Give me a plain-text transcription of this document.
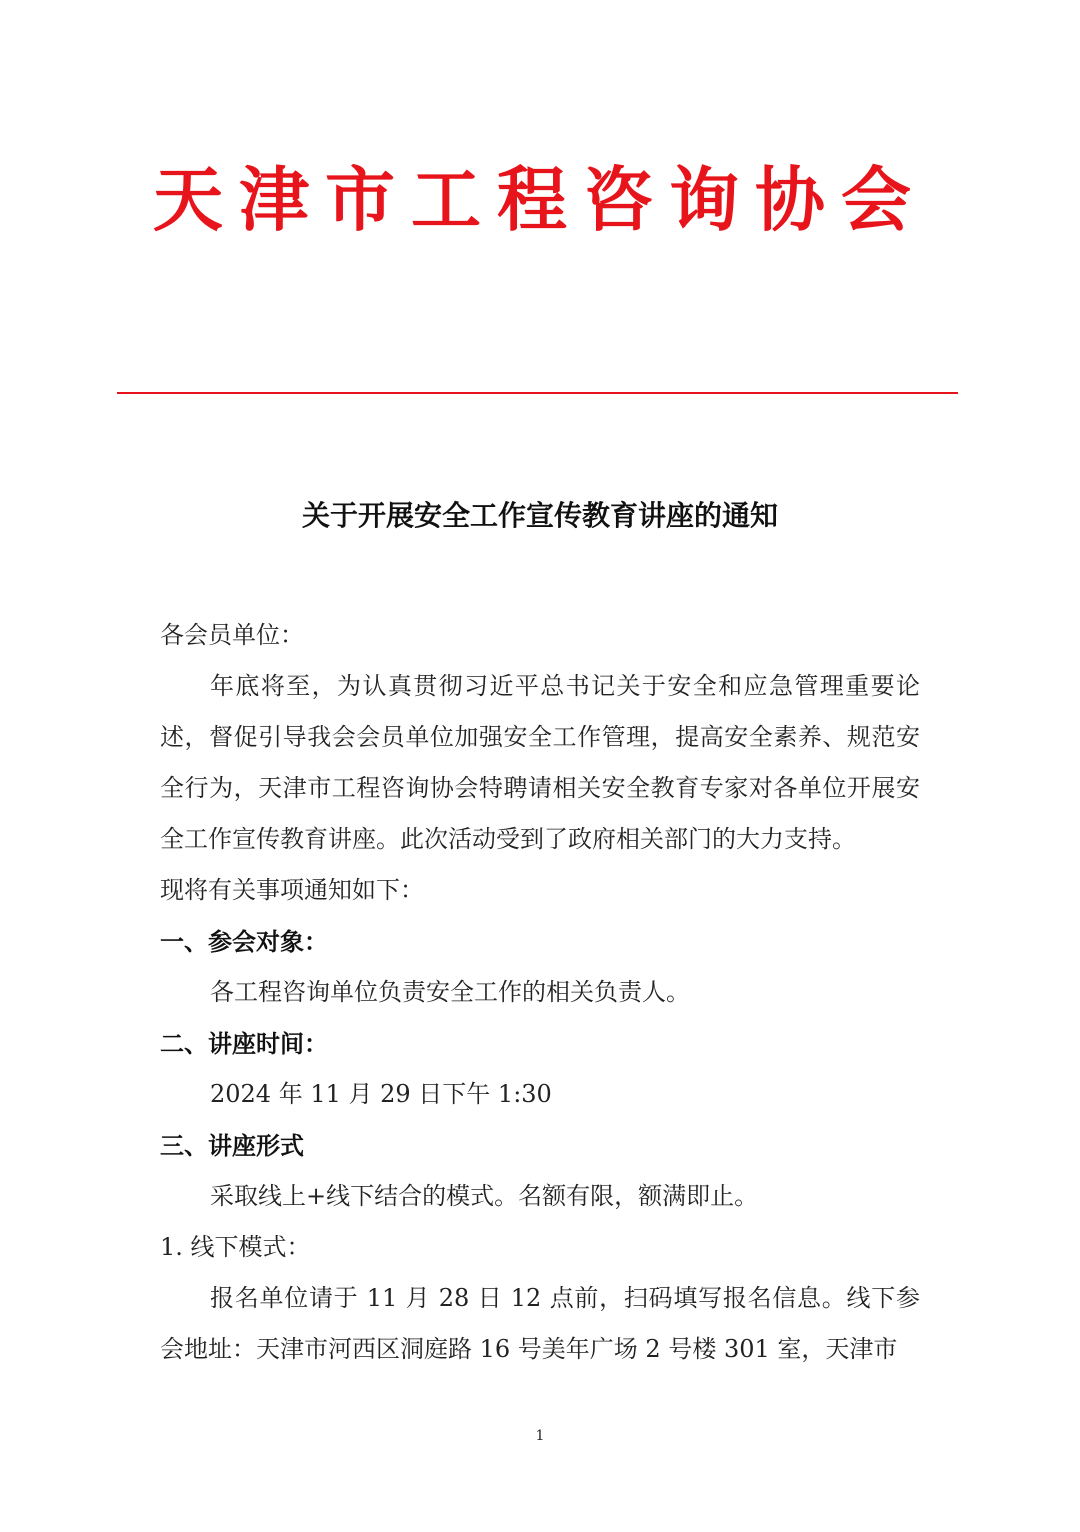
天津市工程咨询协会
关于开展安全工作宣传教育讲座的通知

各会员单位：

年底将至，为认真贯彻习近平总书记关于安全和应急管理重要论述，督促引导我会会员单位加强安全工作管理，提高安全素养、规范安全行为，天津市工程咨询协会特聘请相关安全教育专家对各单位开展安全工作宣传教育讲座。此次活动受到了政府相关部门的大力支持。

现将有关事项通知如下：

一、参会对象：

各工程咨询单位负责安全工作的相关负责人。

二、讲座时间：

2024 年 11 月 29 日下午 1:30

三、讲座形式

采取线上+线下结合的模式。名额有限，额满即止。

1. 线下模式：

报名单位请于 11 月 28 日 12 点前，扫码填写报名信息。线下参会地址：天津市河西区洞庭路 16 号美年广场 2 号楼 301 室，天津市

1
